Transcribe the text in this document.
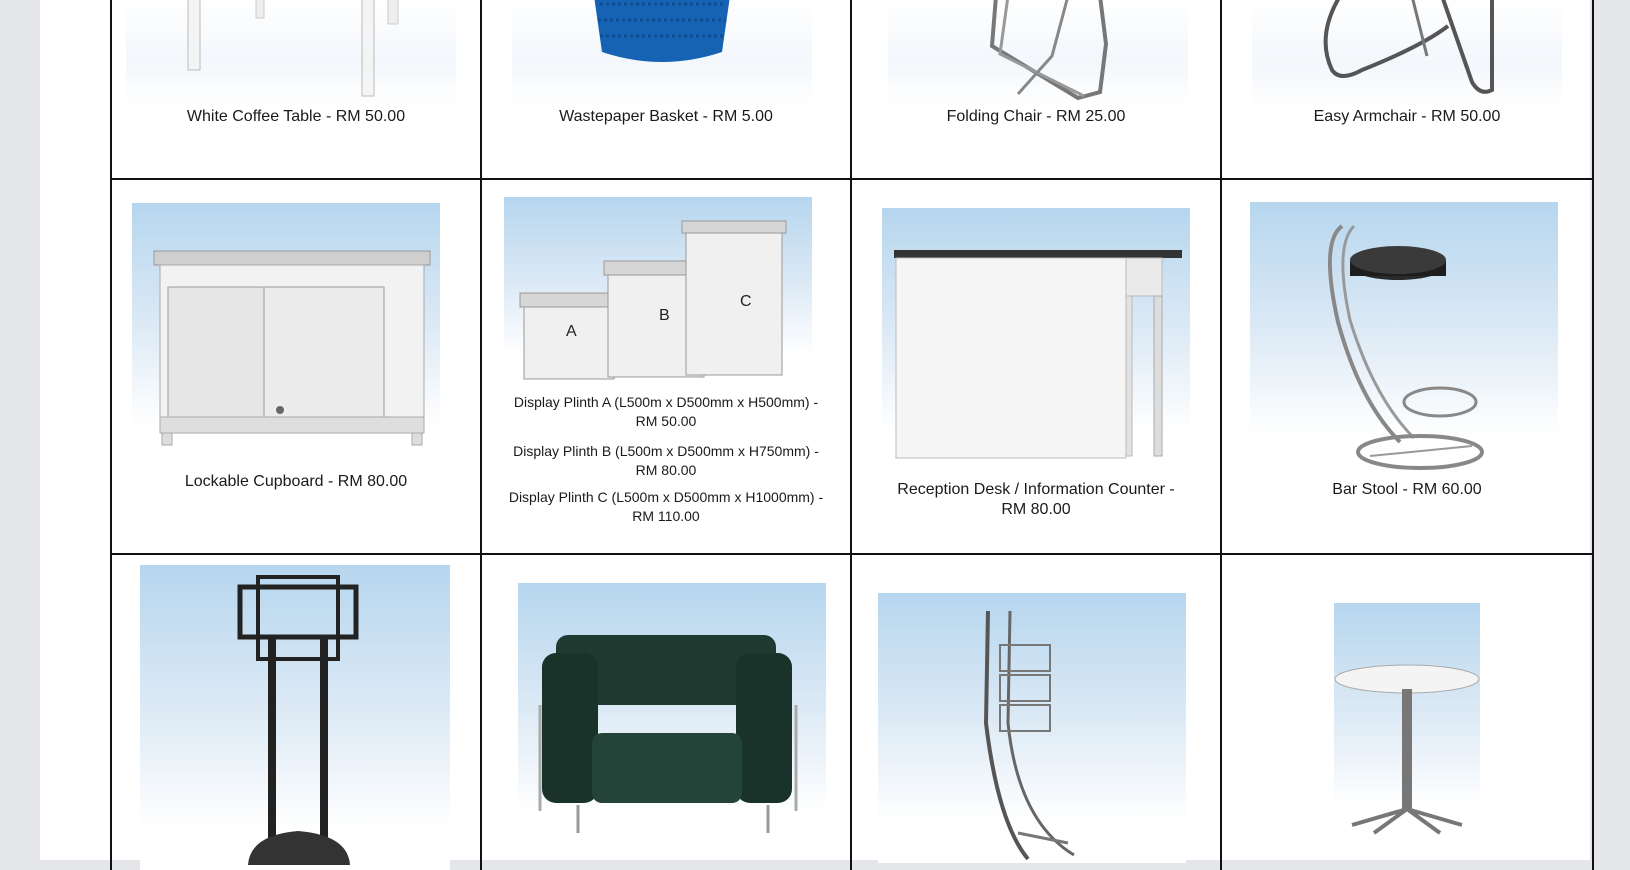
White Coffee Table - RM 50.00	Wastepaper Basket - RM 5.00	Folding Chair - RM 25.00	Easy Armchair - RM 50.00
Lockable Cupboard - RM 80.00
A
B
C
Display Plinth A (L500m x D500mm x H500mm) -
RM 50.00
Display Plinth B (L500m x D500mm x H750mm) -
RM 80.00
Display Plinth C (L500m x D500mm x H1000mm) -
RM 110.00
Reception Desk / Information Counter -
RM 80.00
Bar Stool - RM 60.00
